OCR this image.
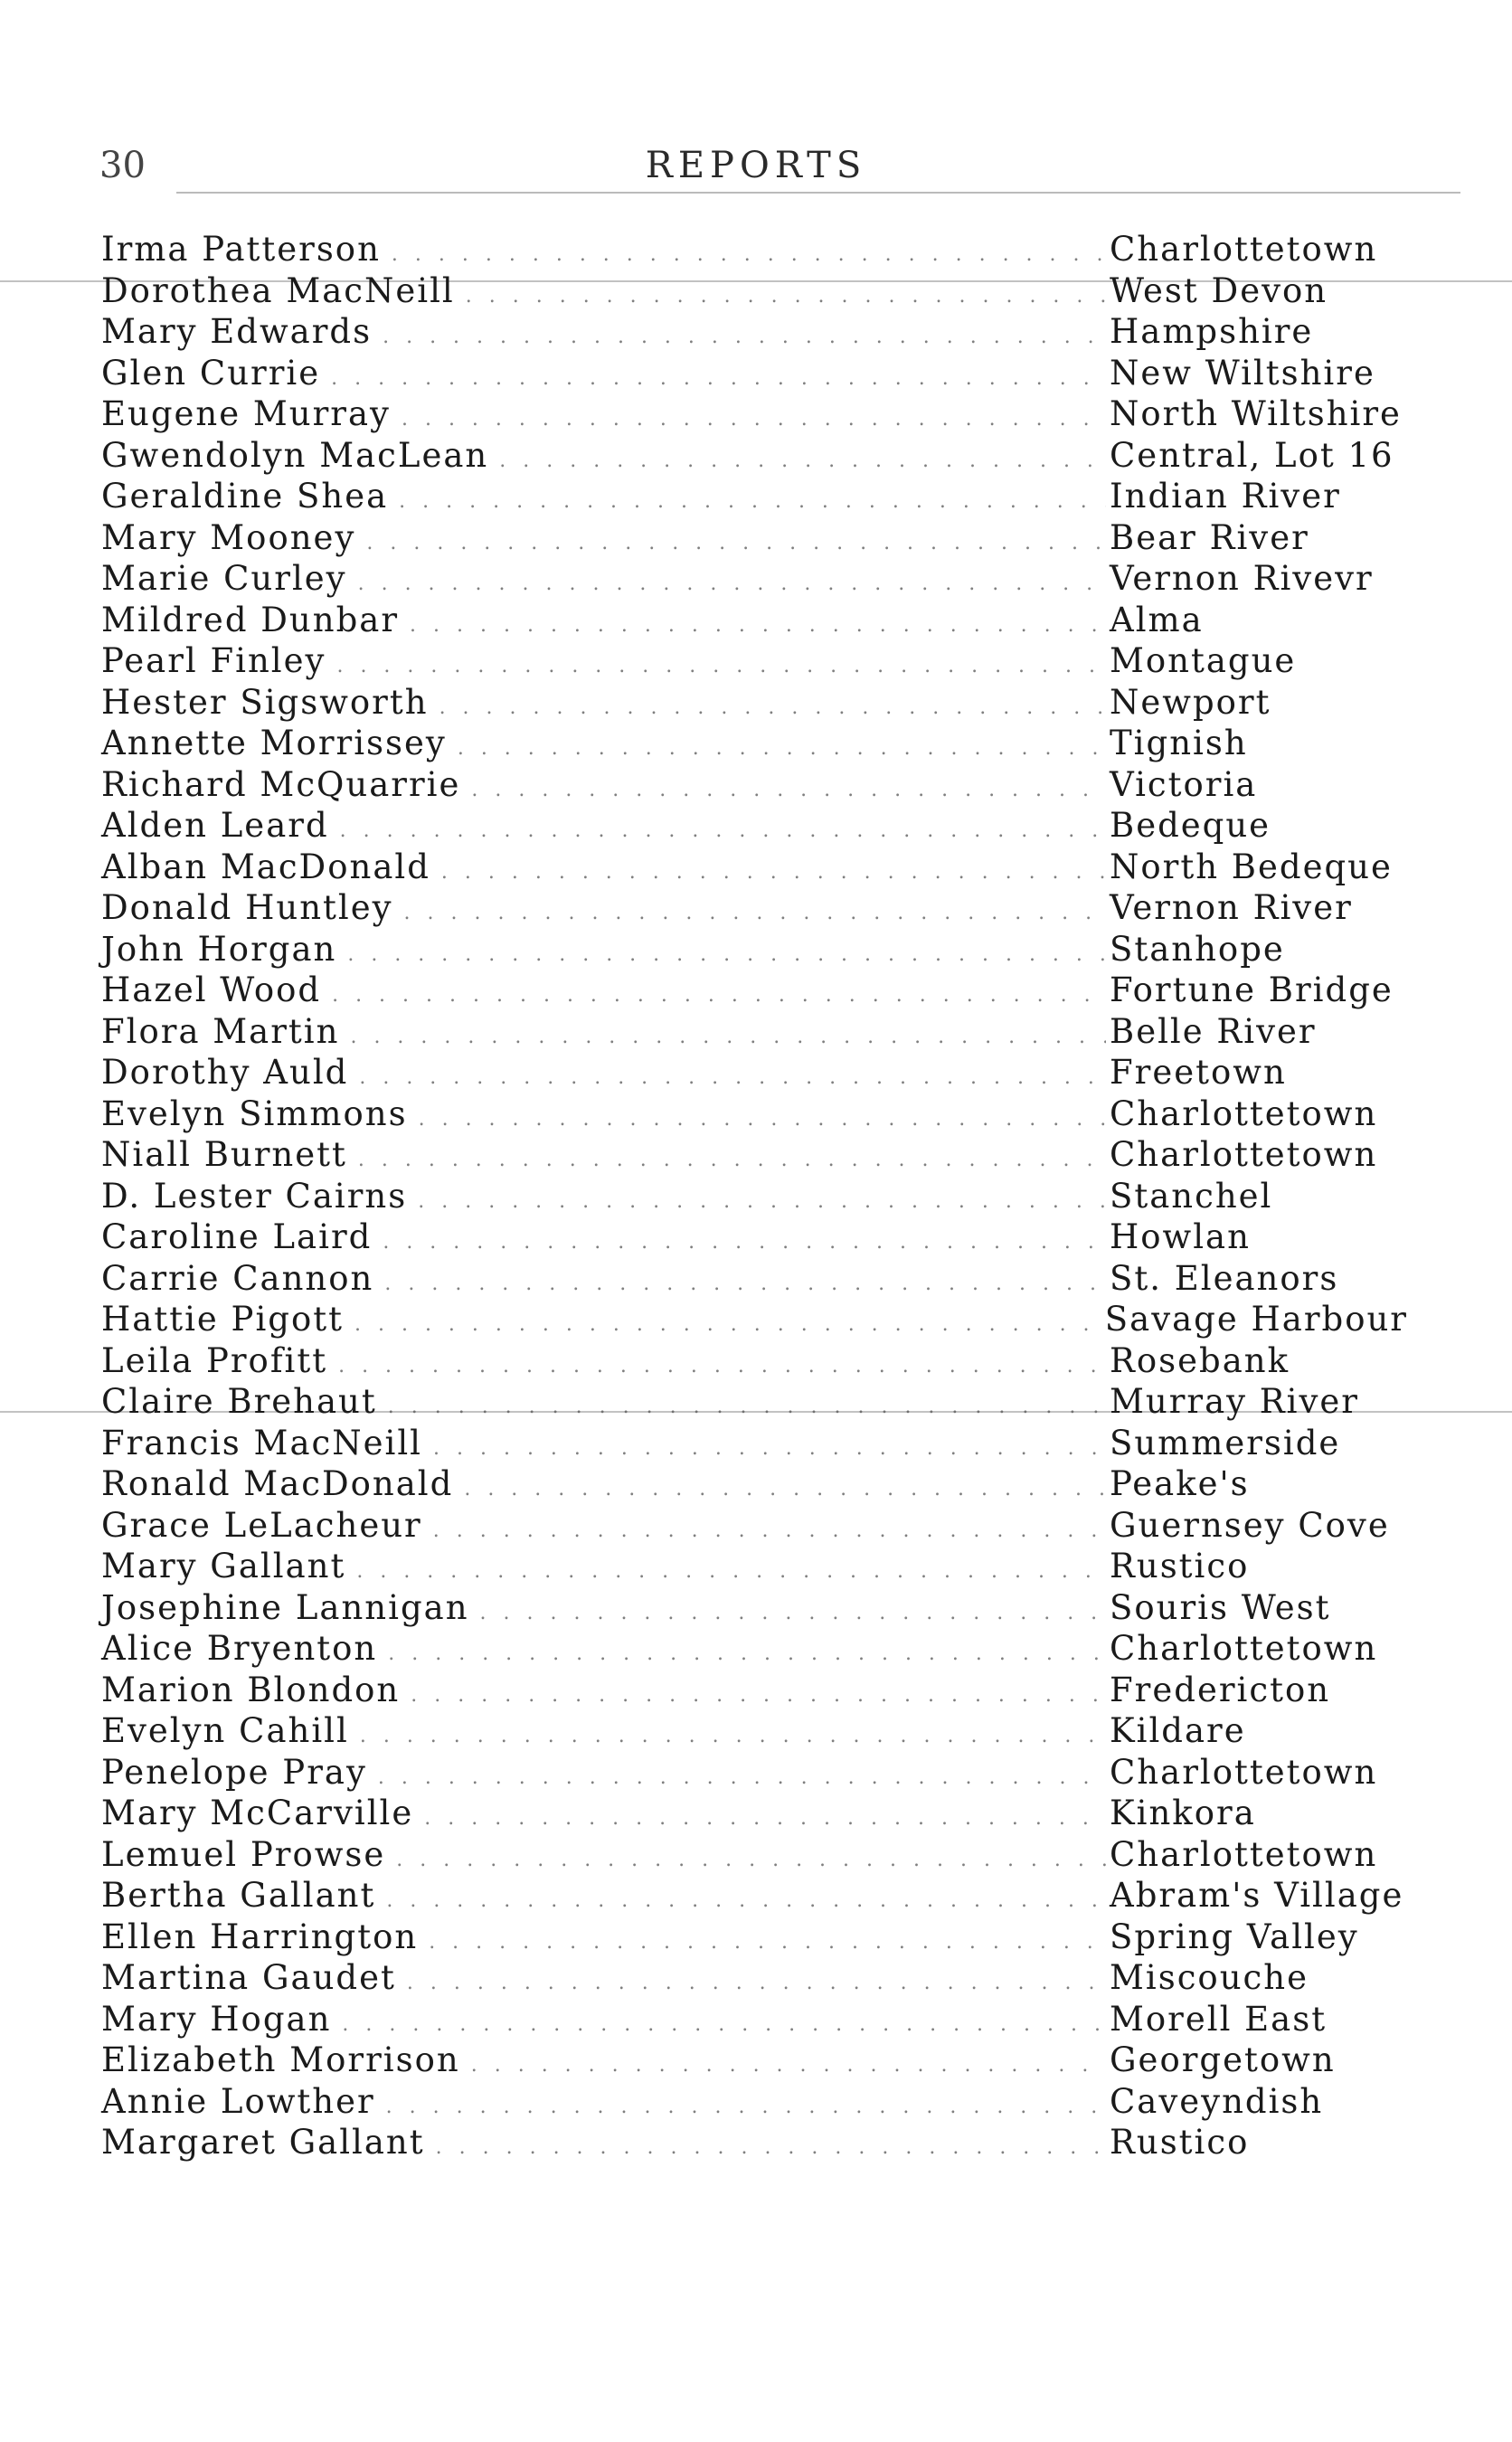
30	REPORTS
Irma Patterson . . .	Charlottetown
Dorothea MacNeill . . .	West Devon
Mary Edwards . . .	Hampshire
Glen Currie . . .	New Wiltshire
Eugene Murray . . .	North Wiltshire
Gwendolyn MacLean . . .	Central, Lot 16
Geraldine Shea . . .	Indian River
Mary Mooney . . .	Bear River
Marie Curley . . .	Vernon Rivevr
Mildred Dunbar . . .	Alma
Pearl Finley . . .	Montague
Hester Sigsworth . . .	Newport
Annette Morrissey . . .	Tignish
Richard McQuarrie . . .	Victoria
Alden Leard . . .	Bedeque
Alban MacDonald . . .	North Bedeque
Donald Huntley . . .	Vernon River
John Horgan . . .	Stanhope
Hazel Wood . . .	Fortune Bridge
Flora Martin . . .	Belle River
Dorothy Auld . . .	Freetown
Evelyn Simmons . . .	Charlottetown
Niall Burnett . . .	Charlottetown
D. Lester Cairns . . .	Stanchel
Caroline Laird . . .	Howlan
Carrie Cannon . . .	St. Eleanors
Hattie Pigott . . .	Savage Harbour
Leila Profitt . . .	Rosebank
Claire Brehaut . . .	Murray River
Francis MacNeill . . .	Summerside
Ronald MacDonald . . .	Peake's
Grace LeLacheur . . .	Guernsey Cove
Mary Gallant . . .	Rustico
Josephine Lannigan . . .	Souris West
Alice Bryenton . . .	Charlottetown
Marion Blondon . . .	Fredericton
Evelyn Cahill . . .	Kildare
Penelope Pray . . .	Charlottetown
Mary McCarville . . .	Kinkora
Lemuel Prowse . . .	Charlottetown
Bertha Gallant . . .	Abram's Village
Ellen Harrington . . .	Spring Valley
Martina Gaudet . . .	Miscouche
Mary Hogan . . .	Morell East
Elizabeth Morrison . . .	Georgetown
Annie Lowther . . .	Caveyndish
Margaret Gallant . . .	Rustico
